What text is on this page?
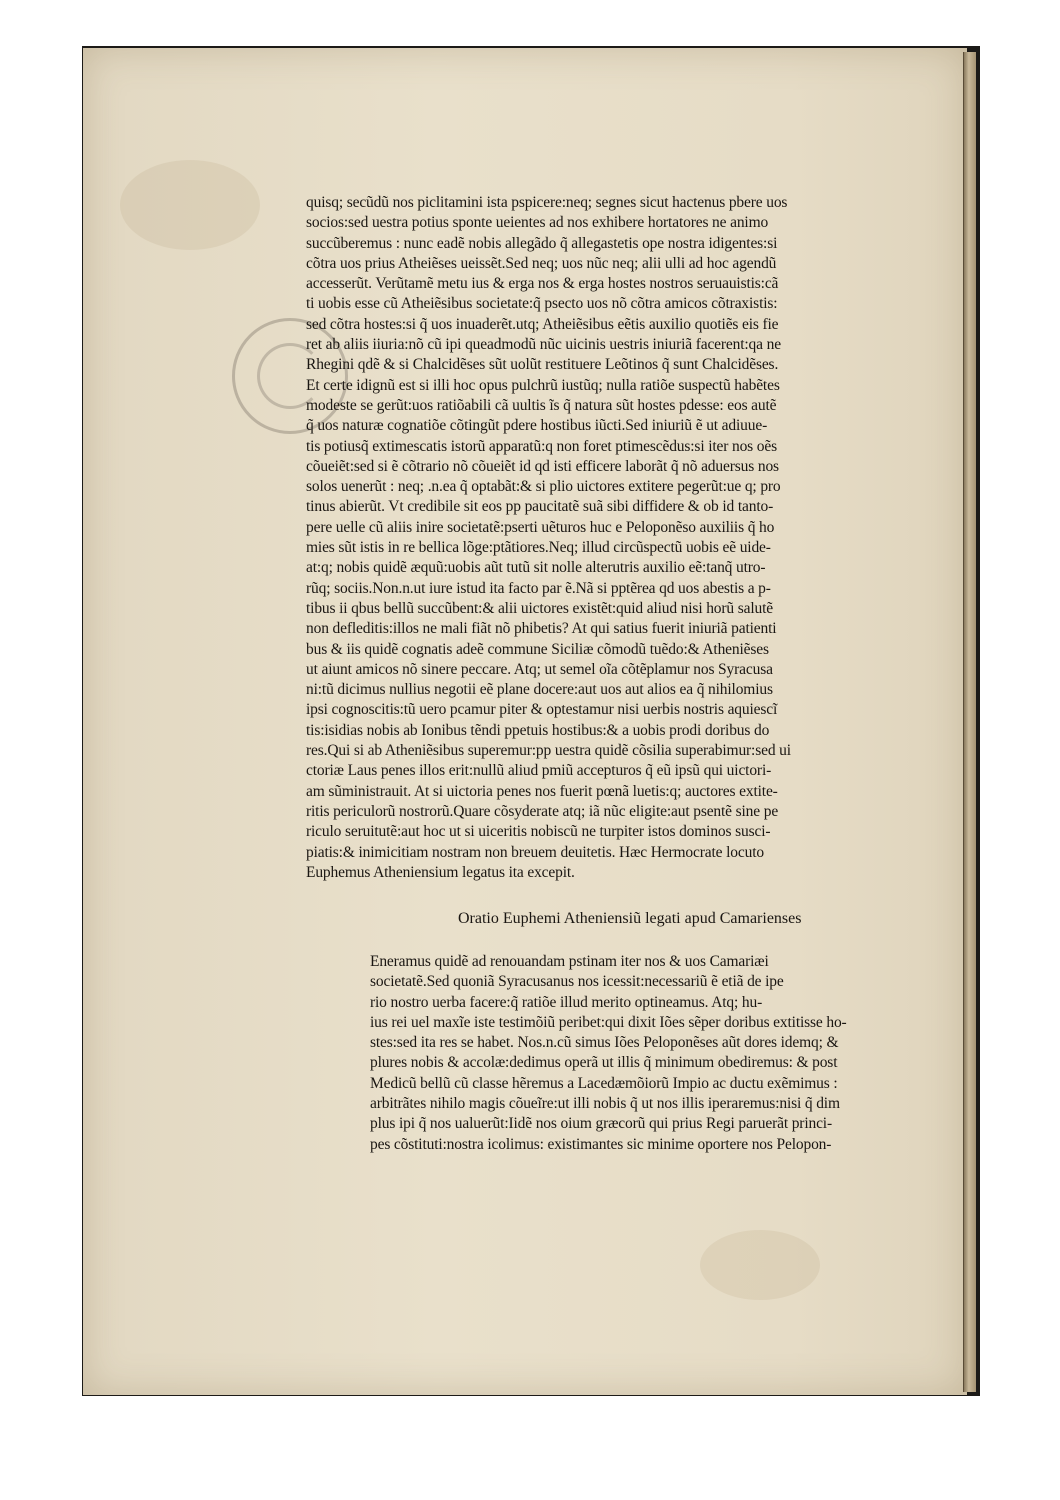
quisq; secũdũ nos piclitamini ista pspicere:neq; segnes sicut hactenus pbere uos
socios:sed uestra potius sponte ueientes ad nos exhibere hortatores ne animo
succũberemus : nunc eadẽ nobis allegãdo q̃ allegastetis ope nostra idigentes:si
cõtra uos prius Atheiẽses ueissẽt.Sed neq; uos nũc neq; alii ulli ad hoc agendũ
accesserũt. Verũtamẽ metu ius & erga nos & erga hostes nostros seruauistis:cã
ti uobis esse cũ Atheiẽsibus societate:q̃ psecto uos nõ cõtra amicos cõtraxistis:
sed cõtra hostes:si q̃ uos inuaderẽt.utq; Atheiẽsibus eẽtis auxilio quotiẽs eis fie
ret ab aliis iiuria:nõ cũ ipi queadmodũ nũc uicinis uestris iniuriã facerent:qa ne
Rhegini qdẽ & si Chalcidẽses sũt uolũt restituere Leõtinos q̃ sunt Chalcidẽses.
Et certe idignũ est si illi hoc opus pulchrũ iustũq; nulla ratiõe suspectũ habẽtes
modeste se gerũt:uos ratiõabili cã uultis ĩs q̃ natura sũt hostes pdesse: eos autẽ
q̃ uos naturæ cognatiõe cõtingũt pdere hostibus iũcti.Sed iniuriũ ẽ ut adiuue-
tis potiusq̃ extimescatis istorũ apparatũ:q non foret ptimescẽdus:si iter nos oẽs
cõueiẽt:sed si ẽ cõtrario nõ cõueiẽt id qd isti efficere laborãt q̃ nõ aduersus nos
solos uenerũt : neq; .n.ea q̃ optabãt:& si plio uictores extitere pegerũt:ue q; pro
tinus abierũt. Vt credibile sit eos pp paucitatẽ suã sibi diffidere & ob id tanto-
pere uelle cũ aliis inire societatẽ:pserti uẽturos huc e Peloponẽso auxiliis q̃ ho
mies sũt istis in re bellica lõge:ptãtiores.Neq; illud circũspectũ uobis eẽ uide-
at:q; nobis quidẽ æquũ:uobis aũt tutũ sit nolle alterutris auxilio eẽ:tanq̃ utro-
rũq; sociis.Non.n.ut iure istud ita facto par ẽ.Nã si pptẽrea qd uos abestis a p-
tibus ii qbus bellũ succũbent:& alii uictores existẽt:quid aliud nisi horũ salutẽ
non defleditis:illos ne mali fiãt nõ phibetis? At qui satius fuerit iniuriã patienti
bus & iis quidẽ cognatis adeẽ commune Siciliæ cõmodũ tuẽdo:& Atheniẽses
ut aiunt amicos nõ sinere peccare. Atq; ut semel oĩa cõtẽplamur nos Syracusa
ni:tũ dicimus nullius negotii eẽ plane docere:aut uos aut alios ea q̃ nihilomius
ipsi cognoscitis:tũ uero pcamur piter & optestamur nisi uerbis nostris aquiescĩ
tis:isidias nobis ab Ionibus tẽndi ppetuis hostibus:& a uobis prodi doribus do
res.Qui si ab Atheniẽsibus superemur:pp uestra quidẽ cõsilia superabimur:sed ui
ctoriæ Laus penes illos erit:nullũ aliud pmiũ accepturos q̃ eũ ipsũ qui uictori-
am sũministrauit. At si uictoria penes nos fuerit pœnã luetis:q; auctores extite-
ritis periculorũ nostrorũ.Quare cõsyderate atq; iã nũc eligite:aut psentẽ sine pe
riculo seruitutẽ:aut hoc ut si uiceritis nobiscũ ne turpiter istos dominos susci-
piatis:& inimicitiam nostram non breuem deuitetis. Hæc Hermocrate locuto
Euphemus Atheniensium legatus ita excepit.
Oratio Euphemi Atheniensiũ legati apud Camarienses
Eneramus quidẽ ad renouandam pstinam iter nos & uos Camariæi
societatẽ.Sed quoniã Syracusanus nos icessit:necessariũ ẽ etiã de ipe
rio nostro uerba facere:q̃ ratiõe illud merito optineamus. Atq; hu-
ius rei uel maxĩe iste testimõiũ peribet:qui dixit Iões sẽper doribus extitisse ho-
stes:sed ita res se habet. Nos.n.cũ simus Iões Peloponẽses aũt dores idemq; &
plures nobis & accolæ:dedimus operã ut illis q̃ minimum obediremus: & post
Medicũ bellũ cũ classe hẽremus a Lacedæmõiorũ Impio ac ductu exẽmimus :
arbitrãtes nihilo magis cõueĩre:ut illi nobis q̃ ut nos illis iperaremus:nisi q̃ dim
plus ipi q̃ nos ualuerũt:Iidẽ nos oium græcorũ qui prius Regi paruerãt princi-
pes cõstituti:nostra icolimus: existimantes sic minime oportere nos Pelopon-
